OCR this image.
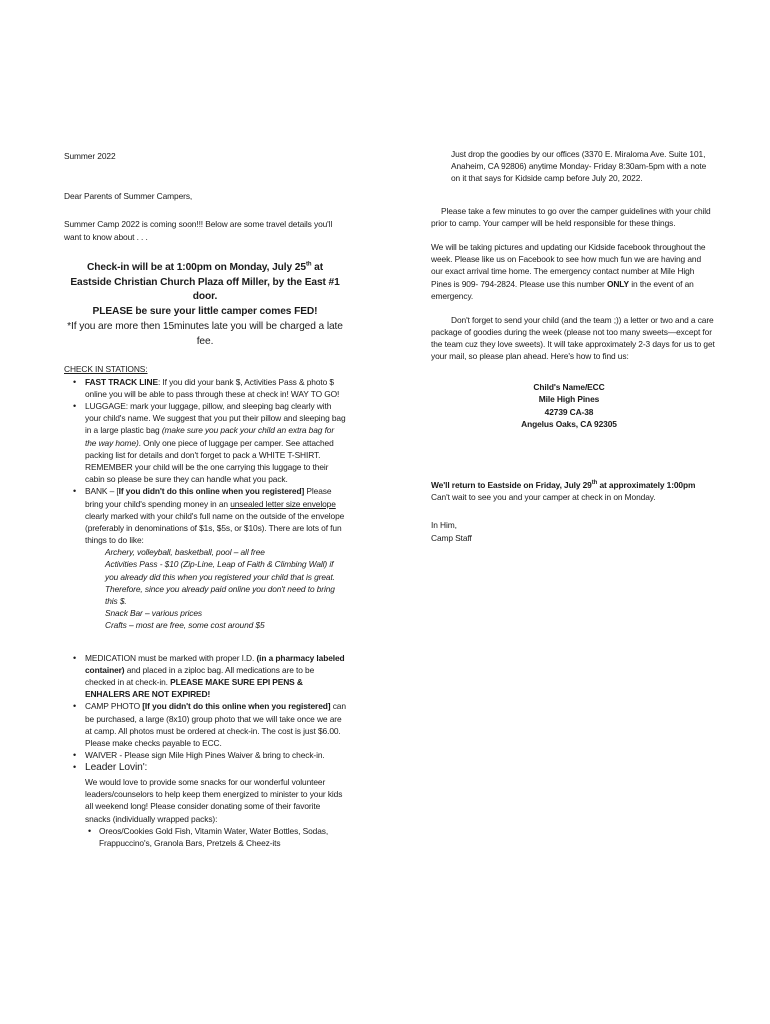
Summer 2022

Dear Parents of Summer Campers,

Summer Camp 2022 is coming soon!!! Below are some travel details you'll want to know about . . .

Check-in will be at 1:00pm on Monday, July 25th at
Eastside Christian Church Plaza off Miller, by the East #1 door.
PLEASE be sure your little camper comes FED!
*If you are more then 15minutes late you will be charged a late fee.

CHECK IN STATIONS:

• FAST TRACK LINE: If you did your bank $, Activities Pass & photo $ online you will be able to pass through these at check in! WAY TO GO!
• LUGGAGE: mark your luggage, pillow, and sleeping bag clearly with your child's name. We suggest that you put their pillow and sleeping bag in a large plastic bag (make sure you pack your child an extra bag for the way home). Only one piece of luggage per camper. See attached packing list for details and don't forget to pack a WHITE T-SHIRT. REMEMBER your child will be the one carrying this luggage to their cabin so please be sure they can handle what you pack.
• BANK – [If you didn't do this online when you registered] Please bring your child's spending money in an unsealed letter size envelope clearly marked with your child's full name on the outside of the envelope (preferably in denominations of $1s, $5s, or $10s). There are lots of fun things to do like:
Archery, volleyball, basketball, pool – all free
Activities Pass - $10 (Zip-Line, Leap of Faith & Climbing Wall) if you already did this when you registered your child that is great. Therefore, since you already paid online you don't need to bring this $.
Snack Bar – various prices
Crafts – most are free, some cost around $5
• MEDICATION must be marked with proper I.D. (in a pharmacy labeled container) and placed in a ziploc bag. All medications are to be checked in at check-in. PLEASE MAKE SURE EPI PENS & ENHALERS ARE NOT EXPIRED!
• CAMP PHOTO [If you didn't do this online when you registered] can be purchased, a large (8x10) group photo that we will take once we are at camp. All photos must be ordered at check-in. The cost is just $6.00. Please make checks payable to ECC.
• WAIVER - Please sign Mile High Pines Waiver & bring to check-in.
• Leader Lovin':
We would love to provide some snacks for our wonderful volunteer leaders/counselors to help keep them energized to minister to your kids all weekend long! Please consider donating some of their favorite snacks (individually wrapped packs):
• Oreos/Cookies Gold Fish, Vitamin Water, Water Bottles, Sodas, Frappuccino's, Granola Bars, Pretzels & Cheez-its

Just drop the goodies by our offices (3370 E. Miraloma Ave. Suite 101, Anaheim, CA 92806) anytime Monday- Friday 8:30am-5pm with a note on it that says for Kidside camp before July 20, 2022.

Please take a few minutes to go over the camper guidelines with your child prior to camp. Your camper will be held responsible for these things.

We will be taking pictures and updating our Kidside facebook throughout the week. Please like us on Facebook to see how much fun we are having and our exact arrival time home. The emergency contact number at Mile High Pines is 909- 794-2824. Please use this number ONLY in the event of an emergency.

Don't forget to send your child (and the team ;)) a letter or two and a care package of goodies during the week (please not too many sweets—except for the team cuz they love sweets). It will take approximately 2-3 days for us to get your mail, so please plan ahead. Here's how to find us:

Child's Name/ECC
Mile High Pines
42739 CA-38
Angelus Oaks, CA 92305

We'll return to Eastside on Friday, July 29th at approximately 1:00pm Can't wait to see you and your camper at check in on Monday.

In Him,

Camp Staff
